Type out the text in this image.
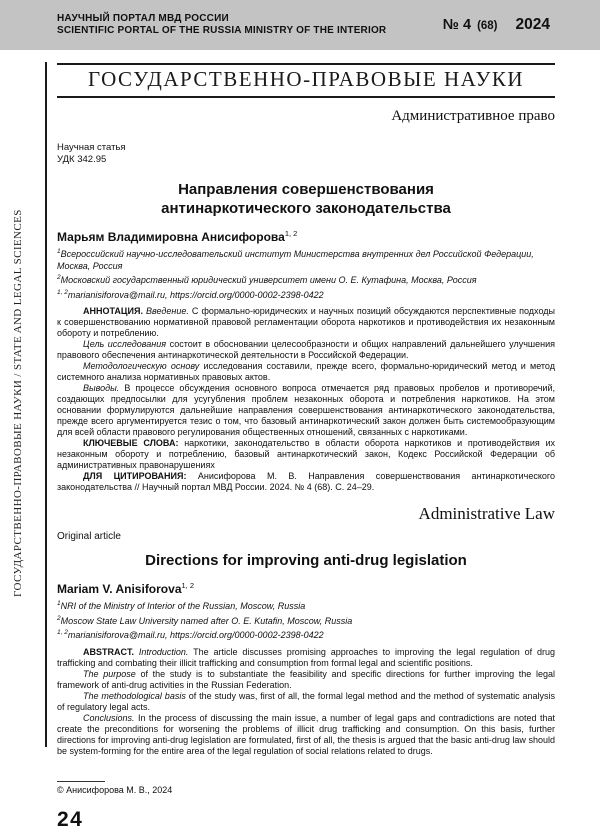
НАУЧНЫЙ ПОРТАЛ МВД РОССИИ
SCIENTIFIC PORTAL OF THE RUSSIA MINISTRY OF THE INTERIOR	№ 4 (68) 2024
ГОСУДАРСТВЕННО-ПРАВОВЫЕ НАУКИ / STATE AND LEGAL SCIENCES
ГОСУДАРСТВЕННО-ПРАВОВЫЕ НАУКИ
Административное право
Научная статья
УДК 342.95
Направления совершенствования
антинаркотического законодательства
Марьям Владимировна Анисифорова$^{1, 2}$
$^1$Всероссийский научно-исследовательский институт Министерства внутренних дел Российской Федерации, Москва, Россия
$^2$Московский государственный юридический университет имени О. Е. Кутафина, Москва, Россия
$^{1, 2}$marianisiforova@mail.ru, https://orcid.org/0000-0002-2398-0422

АННОТАЦИЯ. Введение. С формально-юридических и научных позиций обсуждаются перспективные подходы к совершенствованию нормативной правовой регламентации оборота наркотиков и противодействия их незаконным обороту и потреблению.

Цель исследования состоит в обосновании целесообразности и общих направлений дальнейшего улучшения правового обеспечения антинаркотической деятельности в Российской Федерации.

Методологическую основу исследования составили, прежде всего, формально-юридический метод и метод системного анализа нормативных правовых актов.

Выводы. В процессе обсуждения основного вопроса отмечается ряд правовых пробелов и противоречий, создающих предпосылки для усугубления проблем незаконных оборота и потребления наркотиков. На этом основании формулируются дальнейшие направления совершенствования антинаркотического законодательства, прежде всего аргументируется тезис о том, что базовый антинаркотический закон должен быть системообразующим для всей области правового регулирования общественных отношений, связанных с наркотиками.

КЛЮЧЕВЫЕ СЛОВА: наркотики, законодательство в области оборота наркотиков и противодействия их незаконным обороту и потреблению, базовый антинаркотический закон, Кодекс Российской Федерации об административных правонарушениях

ДЛЯ ЦИТИРОВАНИЯ: Анисифорова М. В. Направления совершенствования антинаркотического законодательства // Научный портал МВД России. 2024. № 4 (68). С. 24–29.

Administrative Law
Original article
Directions for improving anti-drug legislation
Mariam V. Anisiforova$^{1, 2}$
$^1$NRI of the Ministry of Interior of the Russian, Moscow, Russia
$^2$Moscow State Law University named after O. E. Kutafin, Moscow, Russia
$^{1, 2}$marianisiforova@mail.ru, https://orcid.org/0000-0002-2398-0422

ABSTRACT. Introduction. The article discusses promising approaches to improving the legal regulation of drug trafficking and combating their illicit trafficking and consumption from formal legal and scientific positions.

The purpose of the study is to substantiate the feasibility and specific directions for further improving the legal framework of anti-drug activities in the Russian Federation.

The methodological basis of the study was, first of all, the formal legal method and the method of systematic analysis of regulatory legal acts.

Conclusions. In the process of discussing the main issue, a number of legal gaps and contradictions are noted that create the preconditions for worsening the problems of illicit drug trafficking and consumption. On this basis, further directions for improving anti-drug legislation are formulated, first of all, the thesis is argued that the basic anti-drug law should be system-forming for the entire area of the legal regulation of social relations related to drugs.

© Анисифорова М. В., 2024
24
